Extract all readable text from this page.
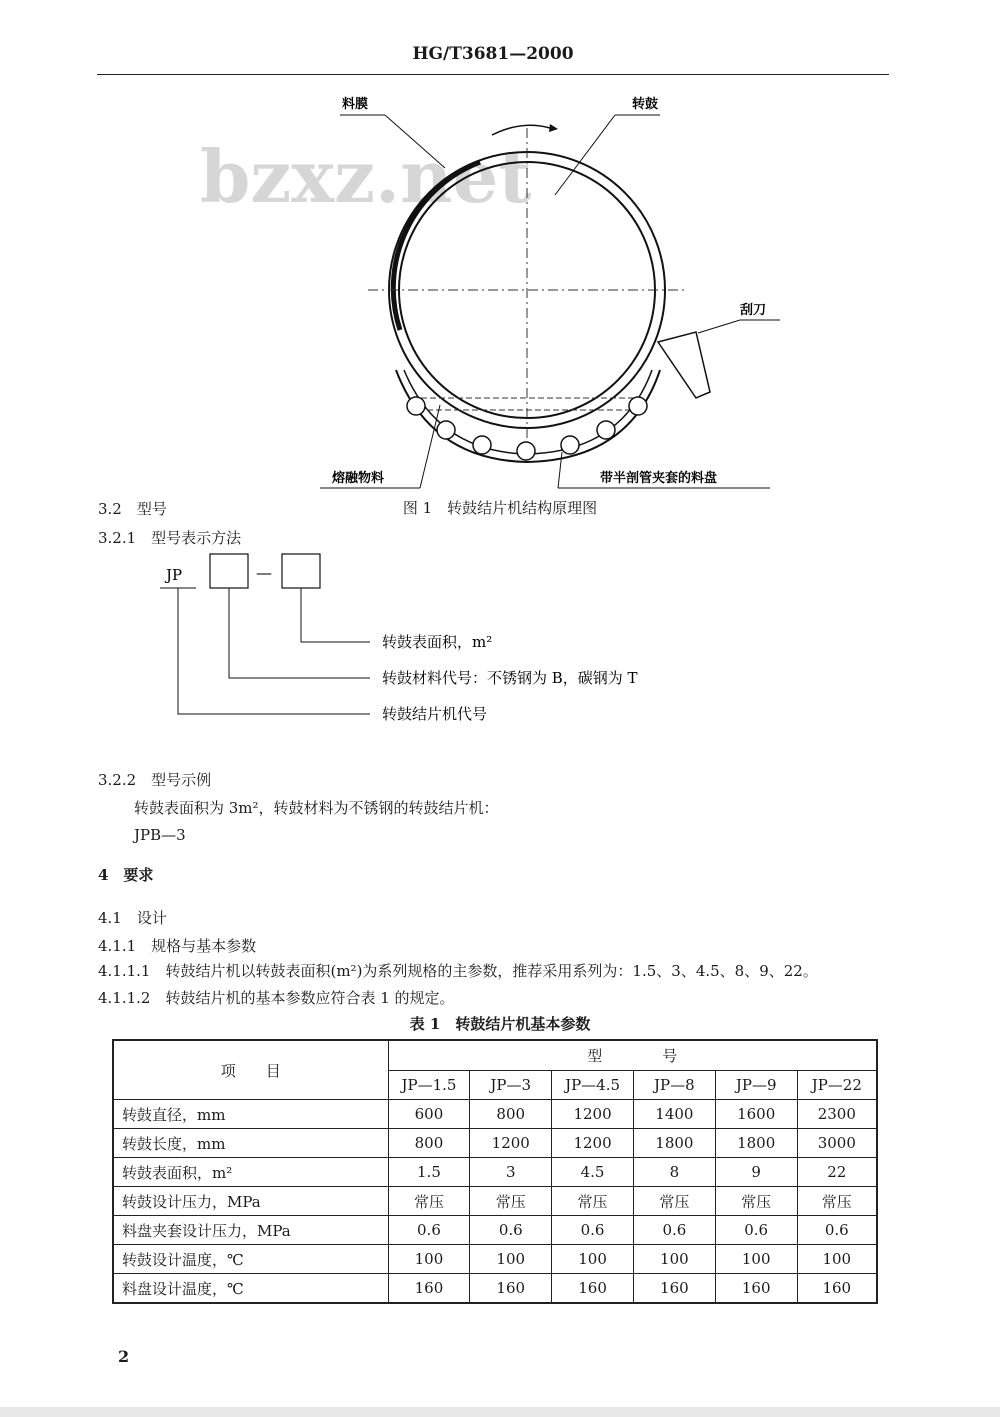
HG/T3681—2000
bzxz.net
料膜	转鼓
刮刀
熔融物料	带半剖管夹套的料盘
图 1　转鼓结片机结构原理图
3.2　型号
3.2.1　型号表示方法
JP	—
转鼓表面积，m²
转鼓材料代号：不锈钢为 B，碳钢为 T
转鼓结片机代号
3.2.2　型号示例
转鼓表面积为 3m²，转鼓材料为不锈钢的转鼓结片机：
JPB—3
4　要求
4.1　设计
4.1.1　规格与基本参数
4.1.1.1　转鼓结片机以转鼓表面积(m²)为系列规格的主参数，推荐采用系列为：1.5、3、4.5、8、9、22。
4.1.1.2　转鼓结片机的基本参数应符合表 1 的规定。
表 1　转鼓结片机基本参数
项　　目	型　　　　号					
	JP—1.5	JP—3	JP—4.5	JP—8	JP—9	JP—22
转鼓直径，mm	600	800	1200	1400	1600	2300
转鼓长度，mm	800	1200	1200	1800	1800	3000
转鼓表面积，m²	1.5	3	4.5	8	9	22
转鼓设计压力，MPa	常压	常压	常压	常压	常压	常压
料盘夹套设计压力，MPa	0.6	0.6	0.6	0.6	0.6	0.6
转鼓设计温度，℃	100	100	100	100	100	100
料盘设计温度，℃	160	160	160	160	160	160
2
